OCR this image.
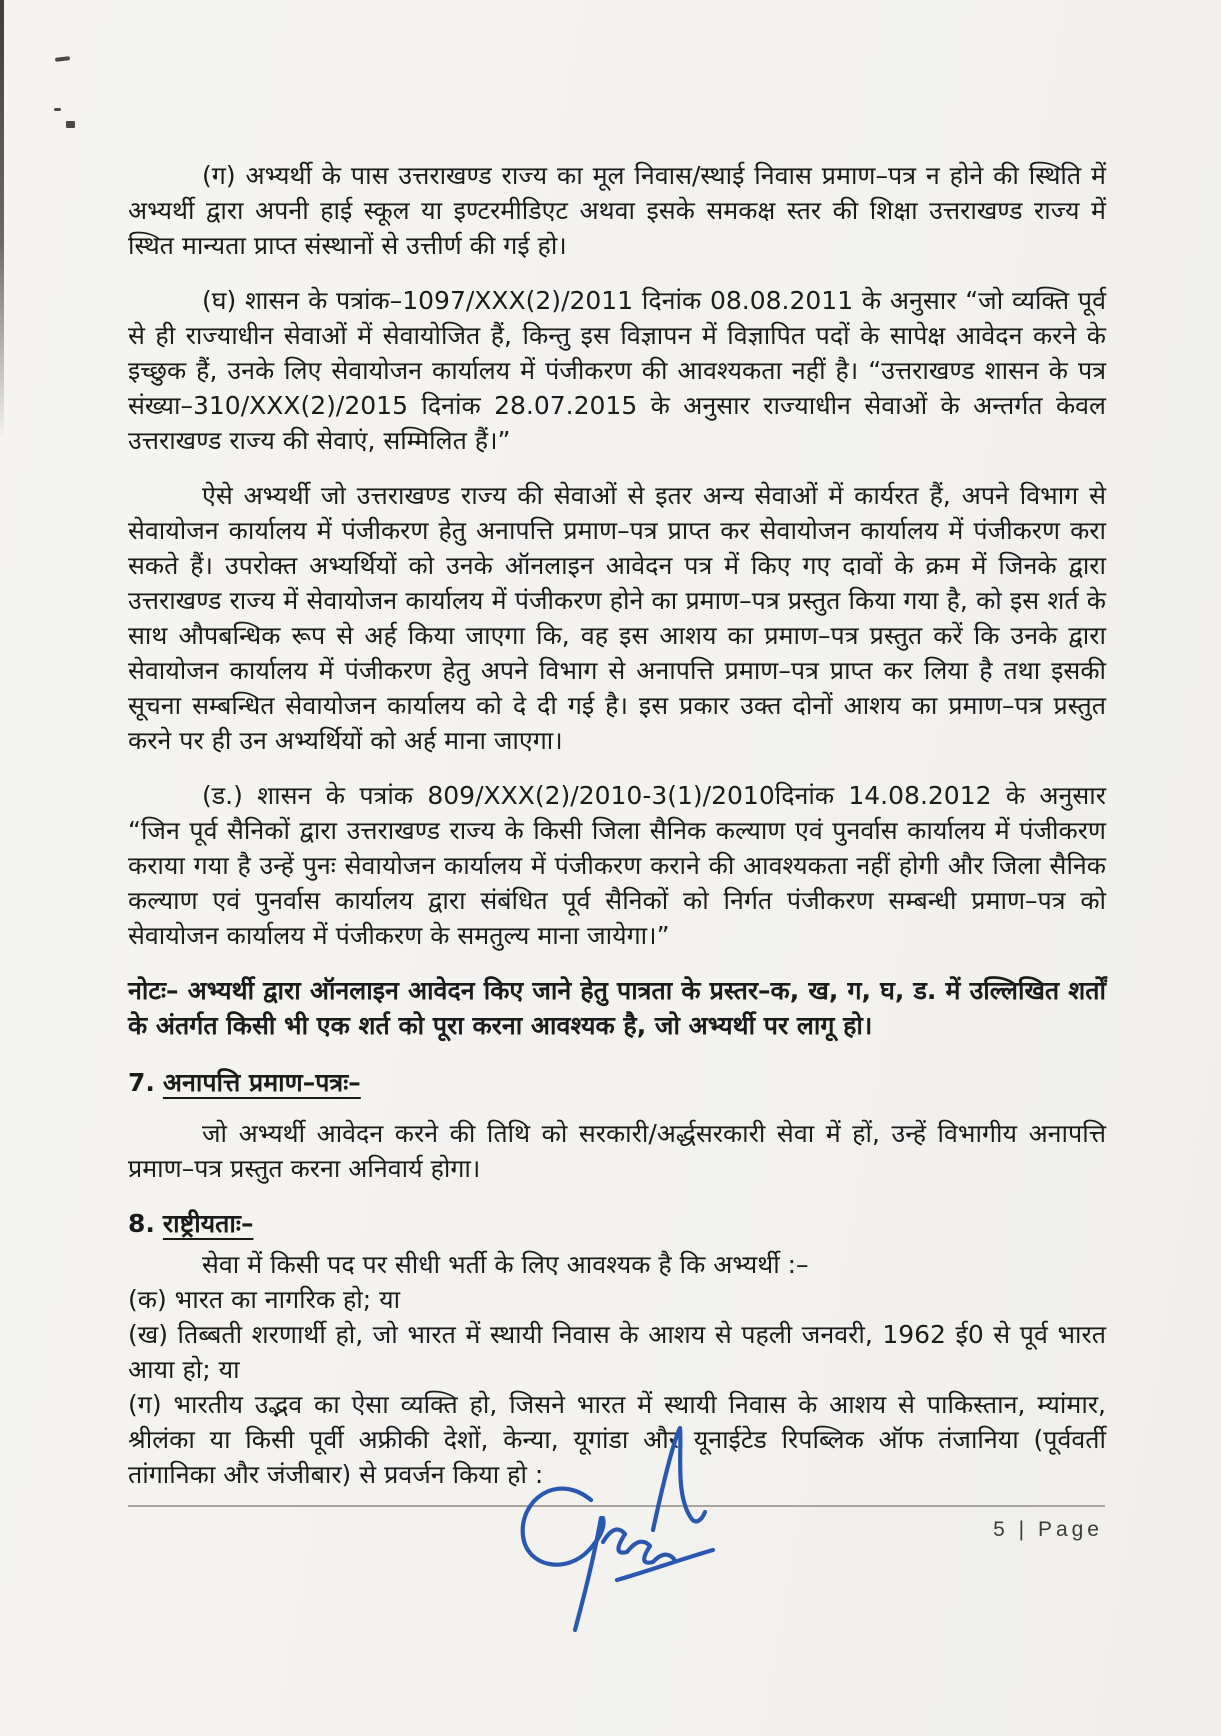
(ग) अभ्यर्थी के पास उत्तराखण्ड राज्य का मूल निवास/स्थाई निवास प्रमाण–पत्र न होने की स्थिति में अभ्यर्थी द्वारा अपनी हाई स्कूल या इण्टरमीडिएट अथवा इसके समकक्ष स्तर की शिक्षा उत्तराखण्ड राज्य में स्थित मान्यता प्राप्त संस्थानों से उत्तीर्ण की गई हो।

(घ) शासन के पत्रांक–1097/XXX(2)/2011 दिनांक 08.08.2011 के अनुसार “जो व्यक्ति पूर्व से ही राज्याधीन सेवाओं में सेवायोजित हैं, किन्तु इस विज्ञापन में विज्ञापित पदों के सापेक्ष आवेदन करने के इच्छुक हैं, उनके लिए सेवायोजन कार्यालय में पंजीकरण की आवश्यकता नहीं है। “उत्तराखण्ड शासन के पत्र संख्या–310/XXX(2)/2015 दिनांक 28.07.2015 के अनुसार राज्याधीन सेवाओं के अन्तर्गत केवल उत्तराखण्ड राज्य की सेवाएं, सम्मिलित हैं।”

ऐसे अभ्यर्थी जो उत्तराखण्ड राज्य की सेवाओं से इतर अन्य सेवाओं में कार्यरत हैं, अपने विभाग से सेवायोजन कार्यालय में पंजीकरण हेतु अनापत्ति प्रमाण–पत्र प्राप्त कर सेवायोजन कार्यालय में पंजीकरण करा सकते हैं। उपरोक्त अभ्यर्थियों को उनके ऑनलाइन आवेदन पत्र में किए गए दावों के क्रम में जिनके द्वारा उत्तराखण्ड राज्य में सेवायोजन कार्यालय में पंजीकरण होने का प्रमाण–पत्र प्रस्तुत किया गया है, को इस शर्त के साथ औपबन्धिक रूप से अर्ह किया जाएगा कि, वह इस आशय का प्रमाण–पत्र प्रस्तुत करें कि उनके द्वारा सेवायोजन कार्यालय में पंजीकरण हेतु अपने विभाग से अनापत्ति प्रमाण–पत्र प्राप्त कर लिया है तथा इसकी सूचना सम्बन्धित सेवायोजन कार्यालय को दे दी गई है। इस प्रकार उक्त दोनों आशय का प्रमाण–पत्र प्रस्तुत करने पर ही उन अभ्यर्थियों को अर्ह माना जाएगा।

(ड.) शासन के पत्रांक 809/XXX(2)/2010-3(1)/2010दिनांक 14.08.2012 के अनुसार “जिन पूर्व सैनिकों द्वारा उत्तराखण्ड राज्य के किसी जिला सैनिक कल्याण एवं पुनर्वास कार्यालय में पंजीकरण कराया गया है उन्हें पुनः सेवायोजन कार्यालय में पंजीकरण कराने की आवश्यकता नहीं होगी और जिला सैनिक कल्याण एवं पुनर्वास कार्यालय द्वारा संबंधित पूर्व सैनिकों को निर्गत पंजीकरण सम्बन्धी प्रमाण–पत्र को सेवायोजन कार्यालय में पंजीकरण के समतुल्य माना जायेगा।”

नोटः– अभ्यर्थी द्वारा ऑनलाइन आवेदन किए जाने हेतु पात्रता के प्रस्तर–क, ख, ग, घ, ड. में उल्लिखित शर्तों के अंतर्गत किसी भी एक शर्त को पूरा करना आवश्यक है, जो अभ्यर्थी पर लागू हो।

7. अनापत्ति प्रमाण–पत्रः–

जो अभ्यर्थी आवेदन करने की तिथि को सरकारी/अर्द्धसरकारी सेवा में हों, उन्हें विभागीय अनापत्ति प्रमाण–पत्र प्रस्तुत करना अनिवार्य होगा।

8. राष्ट्रीयताः–

सेवा में किसी पद पर सीधी भर्ती के लिए आवश्यक है कि अभ्यर्थी :–

(क) भारत का नागरिक हो; या

(ख) तिब्बती शरणार्थी हो, जो भारत में स्थायी निवास के आशय से पहली जनवरी, 1962 ई0 से पूर्व भारत आया हो; या

(ग) भारतीय उद्भव का ऐसा व्यक्ति हो, जिसने भारत में स्थायी निवास के आशय से पाकिस्तान, म्यांमार, श्रीलंका या किसी पूर्वी अफ्रीकी देशों, केन्या, यूगांडा और यूनाईटेड रिपब्लिक ऑफ तंजानिया (पूर्ववर्ती तांगानिका और जंजीबार) से प्रवर्जन किया हो :

5 | Page
